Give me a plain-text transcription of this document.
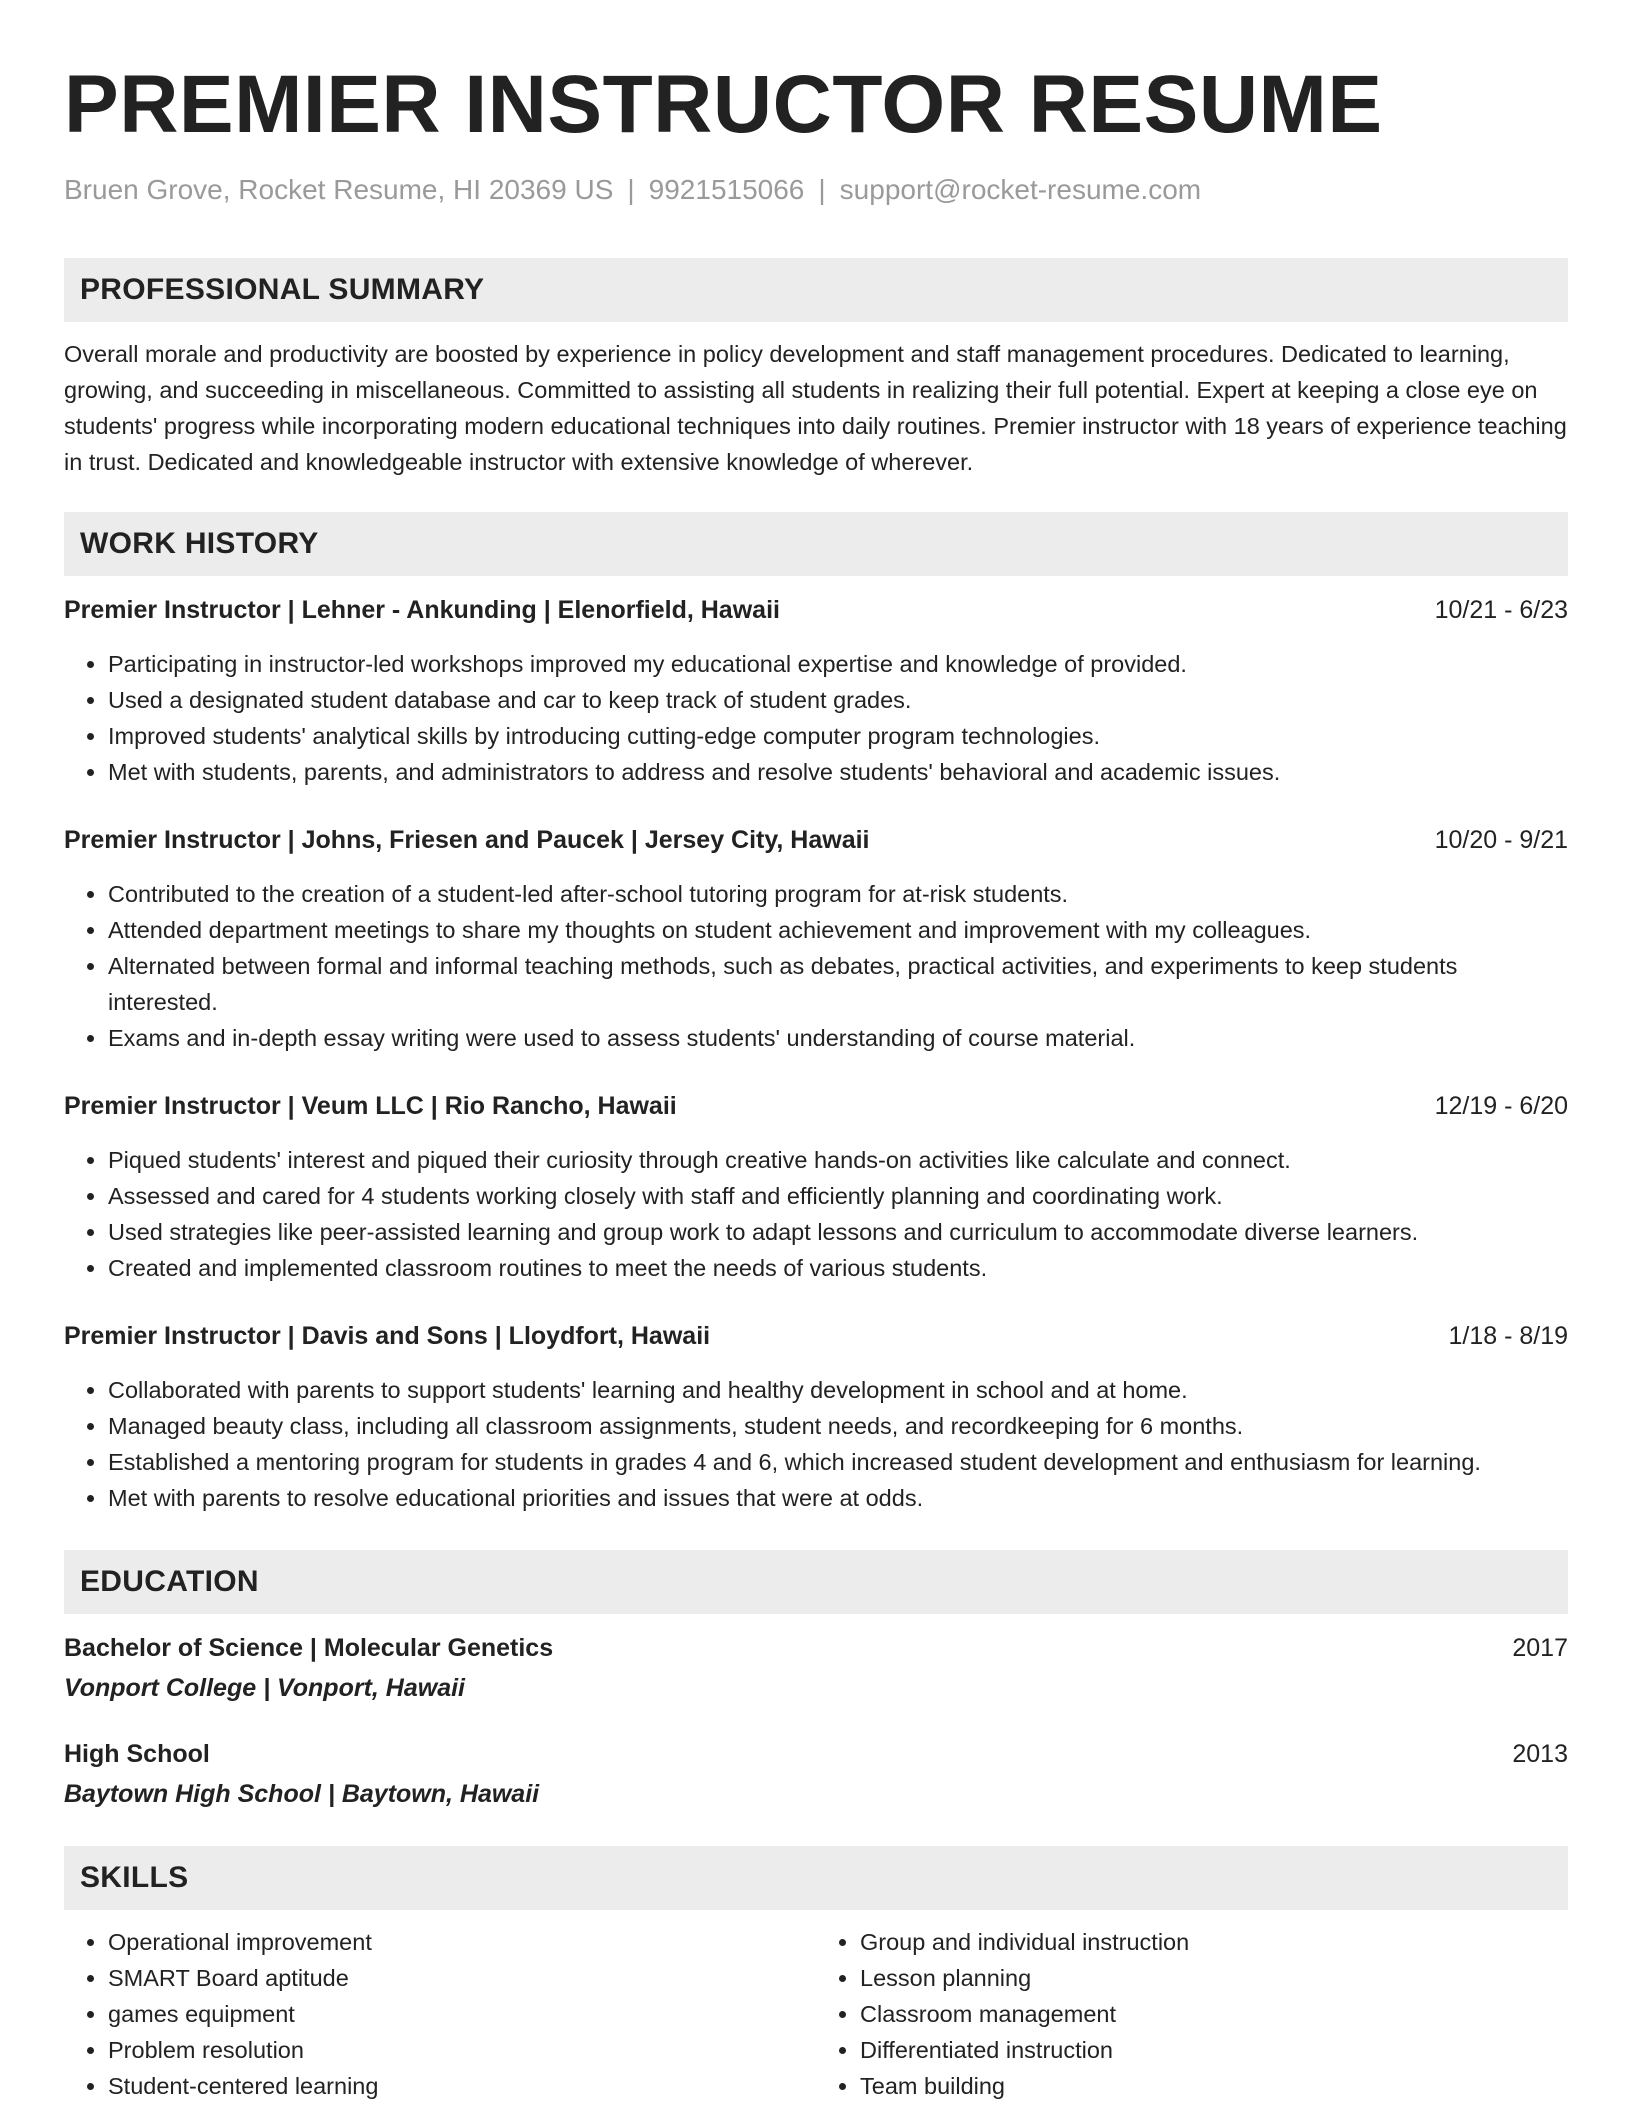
PREMIER INSTRUCTOR RESUME
Bruen Grove, Rocket Resume, HI 20369 US | 9921515066 | support@rocket-resume.com
PROFESSIONAL SUMMARY

Overall morale and productivity are boosted by experience in policy development and staff management procedures. Dedicated to learning, growing, and succeeding in miscellaneous. Committed to assisting all students in realizing their full potential. Expert at keeping a close eye on students' progress while incorporating modern educational techniques into daily routines. Premier instructor with 18 years of experience teaching in trust. Dedicated and knowledgeable instructor with extensive knowledge of wherever.

WORK HISTORY
Premier Instructor | Lehner - Ankunding | Elenorfield, Hawaii	10/21 - 6/23
• Participating in instructor-led workshops improved my educational expertise and knowledge of provided.
• Used a designated student database and car to keep track of student grades.
• Improved students' analytical skills by introducing cutting-edge computer program technologies.
• Met with students, parents, and administrators to address and resolve students' behavioral and academic issues.
Premier Instructor | Johns, Friesen and Paucek | Jersey City, Hawaii	10/20 - 9/21
• Contributed to the creation of a student-led after-school tutoring program for at-risk students.
• Attended department meetings to share my thoughts on student achievement and improvement with my colleagues.
• Alternated between formal and informal teaching methods, such as debates, practical activities, and experiments to keep students interested.
• Exams and in-depth essay writing were used to assess students' understanding of course material.
Premier Instructor | Veum LLC | Rio Rancho, Hawaii	12/19 - 6/20
• Piqued students' interest and piqued their curiosity through creative hands-on activities like calculate and connect.
• Assessed and cared for 4 students working closely with staff and efficiently planning and coordinating work.
• Used strategies like peer-assisted learning and group work to adapt lessons and curriculum to accommodate diverse learners.
• Created and implemented classroom routines to meet the needs of various students.
Premier Instructor | Davis and Sons | Lloydfort, Hawaii	1/18 - 8/19
• Collaborated with parents to support students' learning and healthy development in school and at home.
• Managed beauty class, including all classroom assignments, student needs, and recordkeeping for 6 months.
• Established a mentoring program for students in grades 4 and 6, which increased student development and enthusiasm for learning.
• Met with parents to resolve educational priorities and issues that were at odds.
EDUCATION
Bachelor of Science | Molecular Genetics	2017
Vonport College | Vonport, Hawaii
High School	2013
Baytown High School | Baytown, Hawaii
SKILLS
• Operational improvement
• SMART Board aptitude
• games equipment
• Problem resolution
• Student-centered learning
• Group and individual instruction
• Lesson planning
• Classroom management
• Differentiated instruction
• Team building
